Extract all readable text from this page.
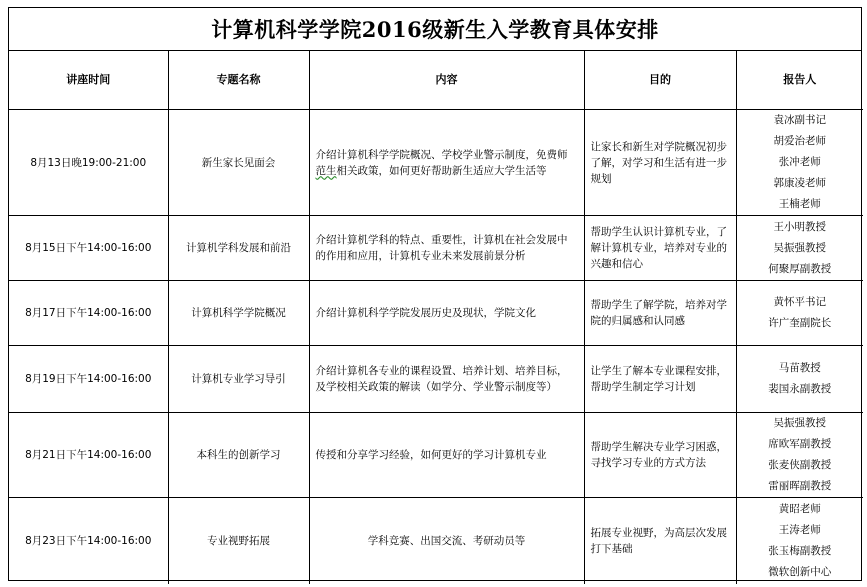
计算机科学学院2016级新生入学教育具体安排
讲座时间	专题名称	内容	目的	报告人
8月13日晚19:00-21:00	新生家长见面会	介绍计算机科学学院概况、学校学业警示制度，免费师范生相关政策，如何更好帮助新生适应大学生活等	让家长和新生对学院概况初步了解，对学习和生活有进一步规划	袁冰副书记
胡爱治老师
张冲老师
郭康凌老师
王楠老师

8月15日下午14:00-16:00	计算机学科发展和前沿	介绍计算机学科的特点、重要性，计算机在社会发展中的作用和应用，计算机专业未来发展前景分析	帮助学生认识计算机专业，了解计算机专业，培养对专业的兴趣和信心	王小明教授
吴振强教授
何聚厚副教授

8月17日下午14:00-16:00	计算机科学学院概况	介绍计算机科学学院发展历史及现状，学院文化	帮助学生了解学院，培养对学院的归属感和认同感	黄怀平书记
许广奎副院长

8月19日下午14:00-16:00	计算机专业学习导引	介绍计算机各专业的课程设置、培养计划、培养目标，及学校相关政策的解读（如学分、学业警示制度等）	让学生了解本专业课程安排，帮助学生制定学习计划	马苗教授
裴国永副教授

8月21日下午14:00-16:00	本科生的创新学习	传授和分享学习经验，如何更好的学习计算机专业	帮助学生解决专业学习困惑，寻找学习专业的方式方法	吴振强教授
席欧军副教授
张麦侠副教授
雷丽晖副教授

8月23日下午14:00-16:00	专业视野拓展	学科竞赛、出国交流、考研动员等	拓展专业视野，为高层次发展打下基础	黄昭老师
王涛老师
张玉梅副教授
微软创新中心
